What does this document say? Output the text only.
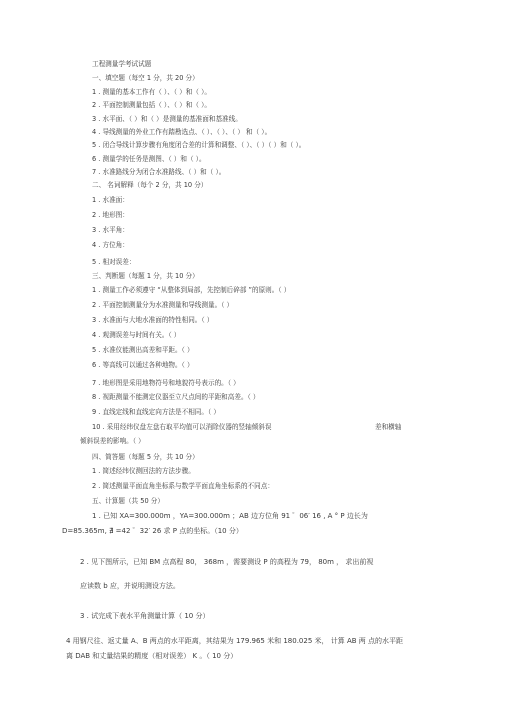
工程测量学考试试题
一、填空题（每空 1 分，共 20 分）
1 . 测量的基本工作有（ ）、（ ）和（ ）。
2 . 平面控制测量包括（ ）、（ ）和（ ）。
3 . 水平面、（ ）和（ ）是测量的基准面和基准线。
4 . 导线测量的外业工作有踏勘选点、（ ）、（ ）、（ ） 和（ ）。
5 . 闭合导线计算步骤有角度闭合差的计算和调整、（ ）、（ ）（ ）和（ ）。
6 . 测量学的任务是测图、（ ）和（ ）。
7 . 水准路线分为闭合水准路线、（ ）和（ ）。
二、 名词解释（每个 2 分，共 10 分）
1 . 水准面：
2 . 地形图：
3 . 水平角：
4 . 方位角：
5 . 相对误差：
三、判断题（每题 1 分，共 10 分）
1 . 测量工作必须遵守 “从整体到局部，先控制后碎部 ”的原则。（ ）
2 . 平面控制测量分为水准测量和导线测量。（ ）
3 . 水准面与大地水准面的特性相同。（ ）
4 . 观测误差与时间有关。（ ）
5 . 水准仪能测出高差和平距。（ ）
6 . 等高线可以通过各种地物。（ ）
7 . 地形图是采用地物符号和地貌符号表示的。（ ）
8 . 视距测量不能测定仪器至立尺点间的平距和高差。（ ）
9 . 直线定线和直线定向方法是不相同。（ ）
10 . 采用经纬仪盘左盘右取平均值可以消除仪器的竖轴倾斜误	差和横轴
倾斜误差的影响。（ ）
四、简答题（每题 5 分，共 10 分）
1 . 简述经纬仪测回法的方法步骤。
2 . 简述测量平面直角坐标系与数学平面直角坐标系的不同点：
五、计算题（共 50 分）
1 . 已知 XA=300.000m ，YA=300.000m ；AB 边方位角 91 ゜06′ 16 , A ° P 边长为
D=85.365m, ∄ =42 ゜32′ 26 求 P 点的坐标。（10 分）
2 . 见下图所示，已知 BM 点高程 80， 368m ，需要测设 P 的高程为 79， 80m ， 求出前视
应读数 b 应，并说明测设方法。
3 . 试完成下表水平角测量计算（ 10 分）
4 用钢尺往、返丈量 A、B 两点的水平距离，其结果为 179.965 米和 180.025 米， 计算 AB 两 点的水平距
离 DAB 和丈量结果的精度（相对误差） K 。（ 10 分）
